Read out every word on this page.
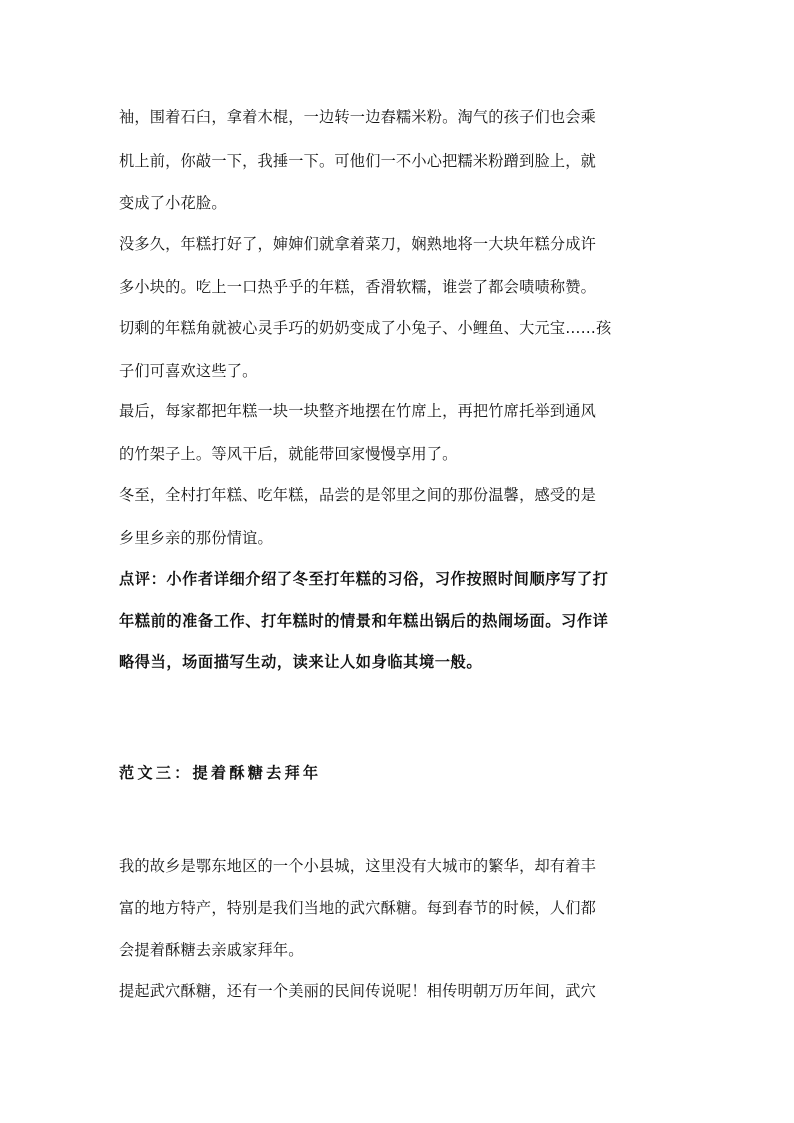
袖，围着石臼，拿着木棍，一边转一边舂糯米粉。淘气的孩子们也会乘
机上前，你敲一下，我捶一下。可他们一不小心把糯米粉蹭到脸上，就
变成了小花脸。
没多久，年糕打好了，婶婶们就拿着菜刀，娴熟地将一大块年糕分成许
多小块的。吃上一口热乎乎的年糕，香滑软糯，谁尝了都会啧啧称赞。
切剩的年糕角就被心灵手巧的奶奶变成了小兔子、小鲤鱼、大元宝……孩
子们可喜欢这些了。
最后，每家都把年糕一块一块整齐地摆在竹席上，再把竹席托举到通风
的竹架子上。等风干后，就能带回家慢慢享用了。
冬至，全村打年糕、吃年糕，品尝的是邻里之间的那份温馨，感受的是
乡里乡亲的那份情谊。
点评：小作者详细介绍了冬至打年糕的习俗，习作按照时间顺序写了打
年糕前的准备工作、打年糕时的情景和年糕出锅后的热闹场面。习作详
略得当，场面描写生动，读来让人如身临其境一般。
范文三：提着酥糖去拜年
我的故乡是鄂东地区的一个小县城，这里没有大城市的繁华，却有着丰
富的地方特产，特别是我们当地的武穴酥糖。每到春节的时候，人们都
会提着酥糖去亲戚家拜年。
提起武穴酥糖，还有一个美丽的民间传说呢！相传明朝万历年间，武穴
